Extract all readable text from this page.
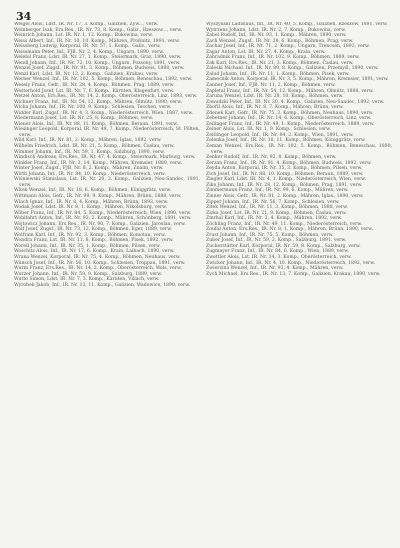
34

Weigel Alois, Ldst. IR. Nr. 17, 3. Komp., Galizien, Zyw..., verw.

Weinberger Isak, Ers.Res., IR. Nr. 73, 8. Komp., Galiz., Rzeszow..., verw.

Weinrich Johann, Lst. IR. Nr. 1, 12. Komp., Bukowina, verw.

Weiss Albert, Inf., IR. Nr. 10, 10. Komp., Mähren, Proßnitz, 1891, verw.

Weissberg Ludwig, Korporal, IR. Nr. 57, 1. Komp., Galiz., verw.

Weissmann Peter, Inf., FJB. Nr. 2, 4. Komp., Ungarn, 1890, verw.

Welebil Franz, Ldst. IR. Nr. 27, 1. Komp., Steiermark, Graz, 1890, verw.

Wendl Johann, Inf., IR. Nr. 72, 10. Komp., Ungarn, Pozsony, 1891, verw.

Wenzel Josef, Zugsf., IR. Nr. 91, 3. Komp., Böhmen, Budweis, 1888, verw.

Wenzl Karl, Ldst. IR. Nr. 13, 2. Komp., Galizien, Krakau, verw.

Werner Wenzel, Inf., IR. Nr. 102, 5. Komp., Böhmen, Beneschau, 1892, verw.

Wesely Franz, Gefr., IR. Nr. 28, 4. Komp., Böhmen, Prag, 1889, verw.

Westerhold Josef, Lst. IR. Nr. 7, 6. Komp., Kärnten, Klagenfurt, verw.

Wetzel Anton, Ers.Res., IR. Nr. 14, 2. Komp., Oberösterreich, Linz, 1893, verw.

Wichner Franz, Inf., IR. Nr. 54, 12. Komp., Mähren, Olmütz, 1890, verw.

Wicha Johann, Inf., IR. Nr. 100, 9. Komp., Schlesien, Teschen, verw.

Widder Karl, Zugsf., IR. Nr. 4, 3. Komp., Niederösterreich, Wien, 1887, verw.

Wiedermann Josef, Lst. IR. Nr. 25, 8. Komp., Böhmen, verw.

Wiener Alois, Inf., IR. Nr. 88, 11. Komp., Böhmen, Beraun, 1891, verw.

Wiesinger Leopold, Korporal, IR. Nr. 49, 7. Komp., Niederösterreich, St. Pölten, verw.

Wild Karl, Inf., IR. Nr. 81, 2. Komp., Mähren, Iglau, 1892, verw.

Wilhelm Friedrich, Ldst. IR. Nr. 21, 5. Komp., Böhmen, Časlau, verw.

Wimmer Johann, Inf., IR. Nr. 59, 1. Komp., Salzburg, 1890, verw.

Windisch Andreas, Ers.Res., IR. Nr. 47, 4. Komp., Steiermark, Marburg, verw.

Winkler Franz, Inf., IR. Nr. 3, 14. Komp., Mähren, Kremsier, 1889, verw.

Winter Josef, Zugsf., FJB. Nr. 8, 2. Komp., Mähren, Znaim, verw.

Wirth Johann, Inf., IR. Nr. 84, 10. Komp., Niederösterreich, verw.

Wiśniewski Stanislaus, Lst. IR. Nr. 20, 3. Komp., Galizien, Neu-Sandec, 1891, verw.

Witek Wenzel, Inf., IR. Nr. 18, 6. Komp., Böhmen, Königgrätz, verw.

Wittmann Alois, Gefr., IR. Nr. 99, 9. Komp., Mähren, Brünn, 1888, verw.

Wlach Ignaz, Inf., IR. Nr. 8, 4. Komp., Mähren, Brünn, 1893, verw.

Wodak Josef, Ldst. IR. Nr. 8, 1. Komp., Mähren, Nikolsburg, verw.

Wöber Franz, Inf., IR. Nr. 84, 5. Komp., Niederösterreich, Wien, 1890, verw.

Wohlfahrt Anton, Inf., IR. Nr. 93, 2. Komp., Mähren, Schönberg, 1891, verw.

Wojtowicz Johann, Ers.Res., IR. Nr. 90, 7. Komp., Galizien, Jaroslau, verw.

Wolf Josef, Zugsf., IR. Nr. 73, 12. Komp., Böhmen, Eger, 1889, verw.

Wolfram Karl, Inf., IR. Nr. 92, 3. Komp., Böhmen, Komotau, verw.

Wondra Franz, Lst. IR. Nr. 11, 8. Komp., Böhmen, Pisek, 1892, verw.

Worell Johann, Inf., IR. Nr. 35, 1. Komp., Böhmen, Pilsen, verw.

Woschitz Alois, Inf., IR. Nr. 17, 6. Komp., Krain, Laibach, 1890, verw.

Wrana Wenzel, Korporal, IR. Nr. 75, 4. Komp., Böhmen, Neuhaus, verw.

Wünsch Josef, Inf., IR. Nr. 56, 10. Komp., Schlesien, Troppau, 1891, verw.

Wurm Franz, Ers.Res., IR. Nr. 14, 2. Komp., Oberösterreich, Wels, verw.

Wurzer Johann, Inf., IR. Nr. 59, 9. Komp., Salzburg, 1889, verw.

Wutte Simon, Ldst. IR. Nr. 7, 3. Komp., Kärnten, Villach, verw.

Wyrobek Jakob, Inf., IR. Nr. 13, 11. Komp., Galizien, Wadowice, 1890, verw.

Wyszynski Ladislaus, Inf., IR. Nr. 40, 5. Komp., Galizien, Rzeszow, 1891, verw.

Wytrzens Johann, Ldst. IR. Nr. 2, 7. Komp., Bukowina, verw.

Zabel Rudolf, Inf., IR. Nr. 93, 1. Komp., Mähren, 1890, verw.

Zach Wenzel, Zugsf., IR. Nr. 28, 6. Komp., Böhmen, Prag, verw.

Zachar Josef, Inf., IR. Nr. 71, 2. Komp., Ungarn, Trencsén, 1892, verw.

Zagar Anton, Lst. IR. Nr. 27, 4. Komp., Krain, verw.

Zahradnik Franz, Inf., IR. Nr. 102, 9. Komp., Böhmen, 1889, verw.

Zak Karl, Ers.Res., IR. Nr. 21, 3. Komp., Böhmen, Časlau, verw.

Zaleski Michael, Inf., IR. Nr. 89, 8. Komp., Galizien, Przemyśl, 1890, verw.

Zalud Johann, Inf., IR. Nr. 11, 1. Komp., Böhmen, Pisek, verw.

Zamecnik Anton, Korporal, IR. Nr. 3, 5. Komp., Mähren, Kremsier, 1891, verw.

Zanner Josef, Inf., FJB. Nr. 11, 2. Komp., Böhmen, verw.

Zapletal Franz, Inf., IR. Nr. 54, 12. Komp., Mähren, Olmütz, 1888, verw.

Zaruba Wenzel, Ldst. IR. Nr. 28, 10. Komp., Böhmen, verw.

Zawadzki Peter, Inf., IR. Nr. 20, 4. Komp., Galizien, Neu-Sandec, 1892, verw.

Zbořil Alois, Inf., IR. Nr. 8, 7. Komp., Mähren, Brünn, verw.

Zdenek Karl, Gefr., IR. Nr. 75, 3. Komp., Böhmen, Neuhaus, 1890, verw.

Zehetner Johann, Inf., IR. Nr. 14, 6. Komp., Oberösterreich, Linz, verw.

Zeilinger Franz, Inf., IR. Nr. 49, 1. Komp., Niederösterreich, 1889, verw.

Zeiner Alois, Lst. IR. Nr. 1, 9. Komp., Schlesien, verw.

Zeitlinger Leopold, Inf., IR. Nr. 84, 2. Komp., Wien, 1891, verw.

Zelenka Josef, Inf., IR. Nr. 18, 11. Komp., Böhmen, Königgrätz, verw.

Zeman Wenzel, Ers.Res., IR. Nr. 102, 5. Komp., Böhmen, Beneschau, 1890, verw.

Zenker Rudolf, Inf., IR. Nr. 92, 8. Komp., Böhmen, verw.

Zerzan Franz, Inf., IR. Nr. 91, 4. Komp., Böhmen, Budweis, 1892, verw.

Zeyda Anton, Korporal, IR. Nr. 35, 3. Komp., Böhmen, Pilsen, verw.

Zich Josef, Inf., IR. Nr. 88, 10. Komp., Böhmen, Beraun, 1889, verw.

Ziegler Karl, Ldst. IR. Nr. 4, 1. Komp., Niederösterreich, Wien, verw.

Zika Johann, Inf., IR. Nr. 28, 12. Komp., Böhmen, Prag, 1891, verw.

Zimmermann Franz, Inf., IR. Nr. 99, 6. Komp., Mähren, verw.

Zinner Alois, Gefr., IR. Nr. 81, 2. Komp., Mähren, Iglau, 1890, verw.

Zipper Johann, Inf., IR. Nr. 56, 7. Komp., Schlesien, verw.

Zitek Wenzel, Inf., IR. Nr. 11, 3. Komp., Böhmen, 1888, verw.

Zizka Josef, Lst. IR. Nr. 21, 9. Komp., Böhmen, Časlau, verw.

Zmrhal Karl, Inf., IR. Nr. 3, 4. Komp., Mähren, 1892, verw.

Zöchling Franz, Inf., IR. Nr. 49, 11. Komp., Niederösterreich, verw.

Zoufal Anton, Ers.Res., IR. Nr. 8, 1. Komp., Mähren, Brünn, 1890, verw.

Zrust Johann, Inf., IR. Nr. 75, 5. Komp., Böhmen, verw.

Zuber Josef, Inf., IR. Nr. 59, 2. Komp., Salzburg, 1891, verw.

Zuckerstätter Karl, Korporal, IR. Nr. 59, 8. Komp., Salzburg, verw.

Zugmayer Franz, Inf., IR. Nr. 84, 6. Komp., Wien, 1889, verw.

Zwettler Alois, Lst. IR. Nr. 14, 3. Komp., Oberösterreich, verw.

Zwicker Johann, Inf., IR. Nr. 4, 10. Komp., Niederösterreich, 1892, verw.

Zwierzina Wenzel, Inf., IR. Nr. 93, 4. Komp., Mähren, verw.

Zych Michael, Ers.Res., IR. Nr. 13, 7. Komp., Galizien, Krakau, 1890, verw.
